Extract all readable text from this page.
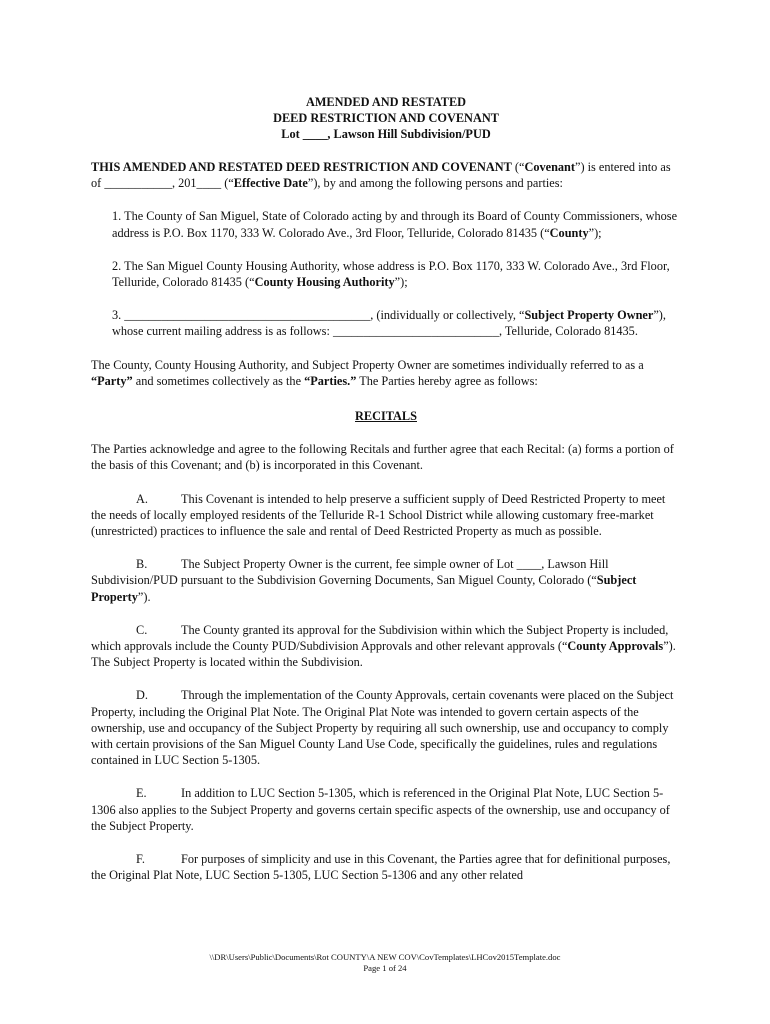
AMENDED AND RESTATED
DEED RESTRICTION AND COVENANT
Lot ____, Lawson Hill Subdivision/PUD

THIS AMENDED AND RESTATED DEED RESTRICTION AND COVENANT (“Covenant”) is entered into as of ___________, 201____ (“Effective Date”), by and among the following persons and parties:

1. The County of San Miguel, State of Colorado acting by and through its Board of County Commissioners, whose address is P.O. Box 1170, 333 W. Colorado Ave., 3rd Floor, Telluride, Colorado 81435 (“County”);

2. The San Miguel County Housing Authority, whose address is P.O. Box 1170, 333 W. Colorado Ave., 3rd Floor, Telluride, Colorado 81435 (“County Housing Authority”);

3. ________________________________________, (individually or collectively, “Subject Property Owner”), whose current mailing address is as follows: ___________________________, Telluride, Colorado 81435.

The County, County Housing Authority, and Subject Property Owner are sometimes individually referred to as a “Party” and sometimes collectively as the “Parties.” The Parties hereby agree as follows:

RECITALS

The Parties acknowledge and agree to the following Recitals and further agree that each Recital: (a) forms a portion of the basis of this Covenant; and (b) is incorporated in this Covenant.

A.	This Covenant is intended to help preserve a sufficient supply of Deed Restricted Property to meet the needs of locally employed residents of the Telluride R-1 School District while allowing customary free-market (unrestricted) practices to influence the sale and rental of Deed Restricted Property as much as possible.

B.	The Subject Property Owner is the current, fee simple owner of Lot ____, Lawson Hill Subdivision/PUD pursuant to the Subdivision Governing Documents, San Miguel County, Colorado (“Subject Property”).

C.	The County granted its approval for the Subdivision within which the Subject Property is included, which approvals include the County PUD/Subdivision Approvals and other relevant approvals (“County Approvals”). The Subject Property is located within the Subdivision.

D.	Through the implementation of the County Approvals, certain covenants were placed on the Subject Property, including the Original Plat Note. The Original Plat Note was intended to govern certain aspects of the ownership, use and occupancy of the Subject Property by requiring all such ownership, use and occupancy to comply with certain provisions of the San Miguel County Land Use Code, specifically the guidelines, rules and regulations contained in LUC Section 5-1305.

E.	In addition to LUC Section 5-1305, which is referenced in the Original Plat Note, LUC Section 5-1306 also applies to the Subject Property and governs certain specific aspects of the ownership, use and occupancy of the Subject Property.

F.	For purposes of simplicity and use in this Covenant, the Parties agree that for definitional purposes, the Original Plat Note, LUC Section 5-1305, LUC Section 5-1306 and any other related

\\DR\Users\Public\Documents\Rot COUNTY\A NEW COV\CovTemplates\LHCov2015Template.doc
Page 1 of 24
